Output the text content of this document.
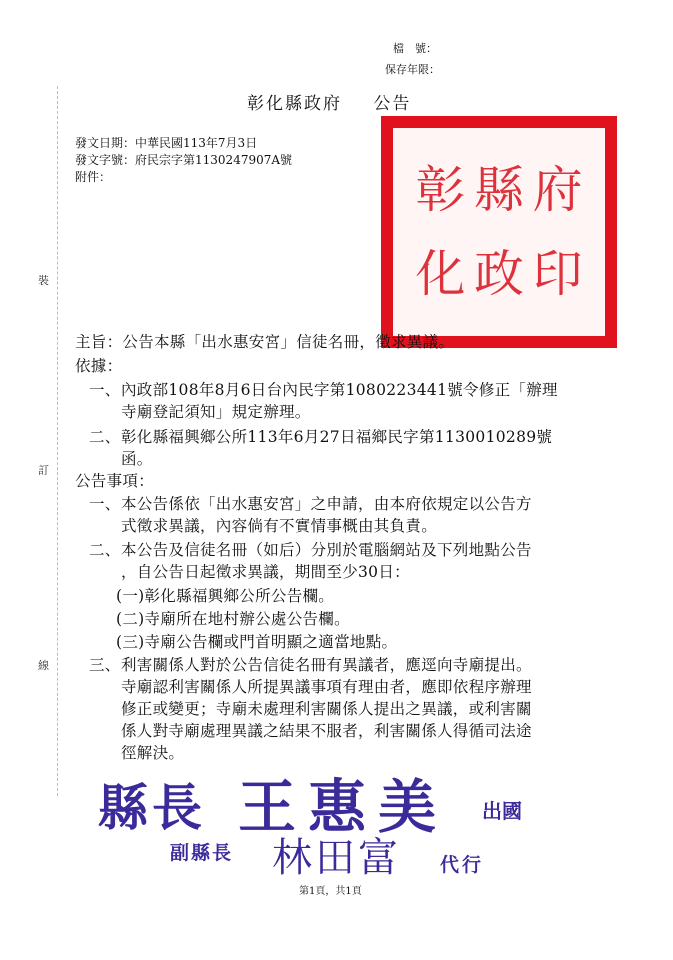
檔　號：
保存年限：
彰化縣政府 公告
發文日期：中華民國113年7月3日
發文字號：府民宗字第1130247907A號
附件：	彰 縣 府
化 政 印
裝
訂
線
主旨：公告本縣「出水惠安宮」信徒名冊，徵求異議。
依據：
一、 內政部108年8月6日台內民字第1080223441號令修正「辦理
寺廟登記須知」規定辦理。
二、 彰化縣福興鄉公所113年6月27日福鄉民字第1130010289號
函。
公告事項：
一、 本公告係依「出水惠安宮」之申請，由本府依規定以公告方
式徵求異議，內容倘有不實情事概由其負責。
二、 本公告及信徒名冊（如后）分別於電腦網站及下列地點公告
，自公告日起徵求異議，期間至少30日：
(一)彰化縣福興鄉公所公告欄。
(二)寺廟所在地村辦公處公告欄。
(三)寺廟公告欄或門首明顯之適當地點。
三、 利害關係人對於公告信徒名冊有異議者，應逕向寺廟提出。
寺廟認利害關係人所提異議事項有理由者，應即依程序辦理
修正或變更；寺廟未處理利害關係人提出之異議，或利害關
係人對寺廟處理異議之結果不服者，利害關係人得循司法途
徑解決。
縣長 王惠美 出國
副縣長 林田富 代行
第1頁，共1頁
